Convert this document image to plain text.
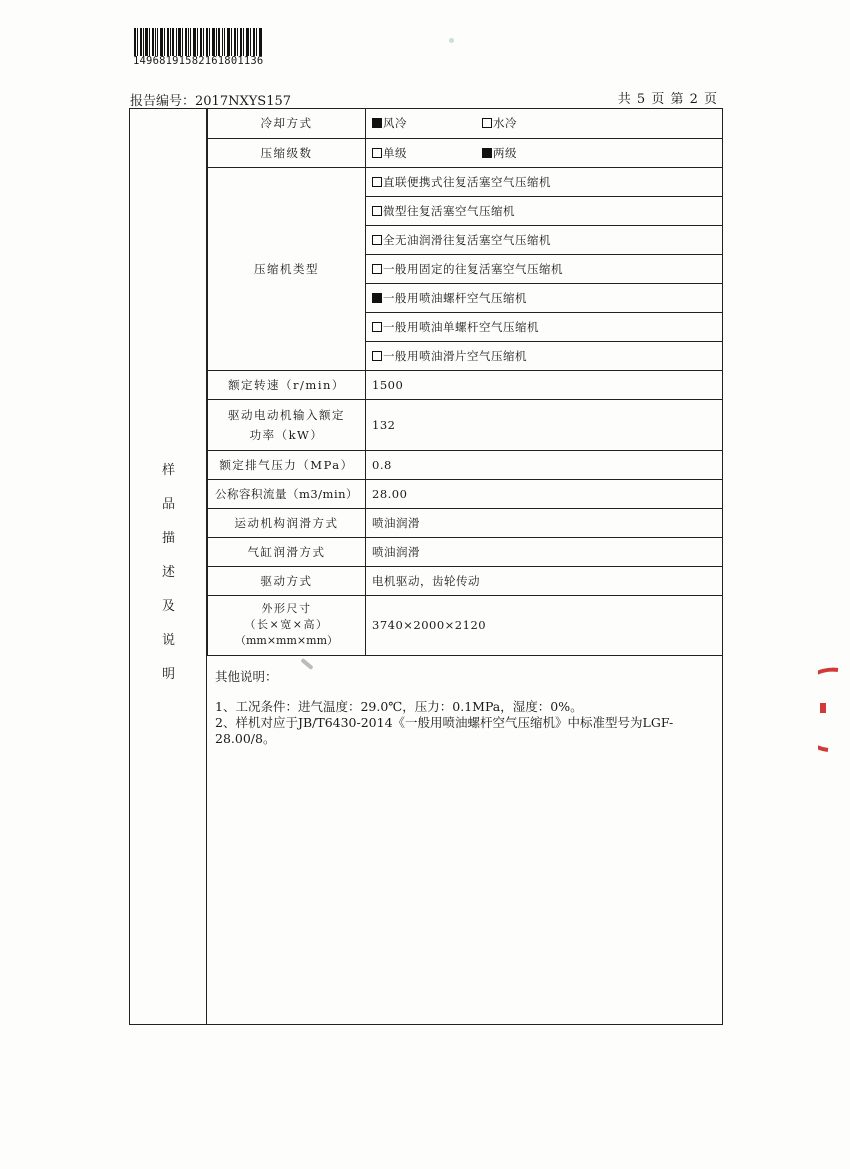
14968191582161801136
报告编号：2017NXYS157	共 5 页 第 2 页
样
品
描
述
及
说
明
冷却方式	风冷 水冷

压缩级数	单级 两级

压缩机类型	直联便携式往复活塞空气压缩机
	微型往复活塞空气压缩机
	全无油润滑往复活塞空气压缩机
	一般用固定的往复活塞空气压缩机
	一般用喷油螺杆空气压缩机
	一般用喷油单螺杆空气压缩机
	一般用喷油滑片空气压缩机
额定转速（r/min）	1500

驱动电动机输入额定
功率（kW）	132
额定排气压力（MPa）	0.8
公称容积流量（m3/min）	28.00
运动机构润滑方式	喷油润滑
气缸润滑方式	喷油润滑
驱动方式	电机驱动，齿轮传动

外形尺寸
（长×宽×高）
（mm×mm×mm）	3740×2000×2120
其他说明：
1、工况条件：进气温度：29.0℃，压力：0.1MPa，湿度：0%。
2、样机对应于JB/T6430-2014《一般用喷油螺杆空气压缩机》中标准型号为LGF-28.00/8。
